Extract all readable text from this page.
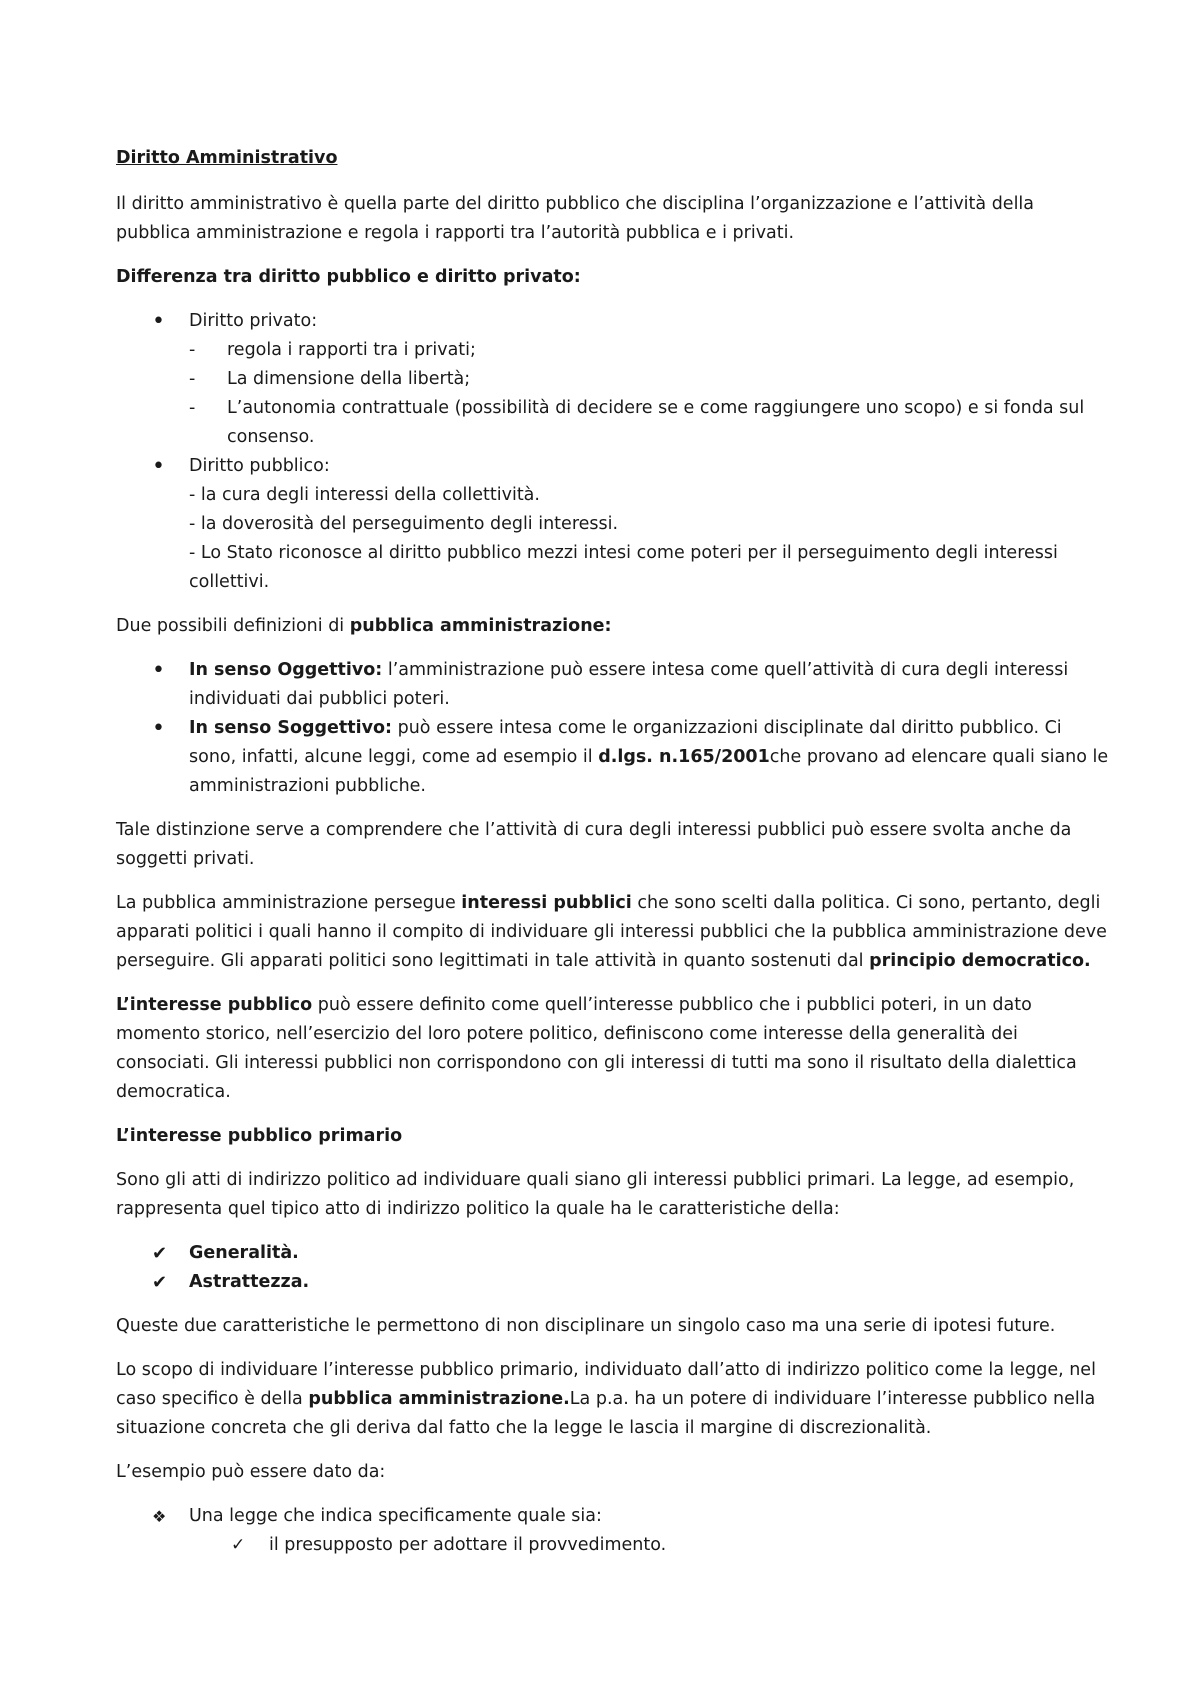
Diritto Amministrativo

Il diritto amministrativo è quella parte del diritto pubblico che disciplina l’organizzazione e l’attività della pubblica amministrazione e regola i rapporti tra l’autorità pubblica e i privati.

Differenza tra diritto pubblico e diritto privato:

•
Diritto privato:
- regola i rapporti tra i privati;
- La dimensione della libertà;
- L’autonomia contrattuale (possibilità di decidere se e come raggiungere uno scopo) e si fonda sul consenso.
•
Diritto pubblico:
- la cura degli interessi della collettività.
- la doverosità del perseguimento degli interessi.
- Lo Stato riconosce al diritto pubblico mezzi intesi come poteri per il perseguimento degli interessi collettivi.

Due possibili definizioni di pubblica amministrazione:

•
In senso Oggettivo: l’amministrazione può essere intesa come quell’attività di cura degli interessi individuati dai pubblici poteri.
•
In senso Soggettivo: può essere intesa come le organizzazioni disciplinate dal diritto pubblico. Ci sono, infatti, alcune leggi, come ad esempio il d.lgs. n.165/2001che provano ad elencare quali siano le amministrazioni pubbliche.

Tale distinzione serve a comprendere che l’attività di cura degli interessi pubblici può essere svolta anche da soggetti privati.

La pubblica amministrazione persegue interessi pubblici che sono scelti dalla politica. Ci sono, pertanto, degli apparati politici i quali hanno il compito di individuare gli interessi pubblici che la pubblica amministrazione deve perseguire. Gli apparati politici sono legittimati in tale attività in quanto sostenuti dal principio democratico.

L’interesse pubblico può essere definito come quell’interesse pubblico che i pubblici poteri, in un dato momento storico, nell’esercizio del loro potere politico, definiscono come interesse della generalità dei consociati. Gli interessi pubblici non corrispondono con gli interessi di tutti ma sono il risultato della dialettica democratica.

L’interesse pubblico primario

Sono gli atti di indirizzo politico ad individuare quali siano gli interessi pubblici primari. La legge, ad esempio, rappresenta quel tipico atto di indirizzo politico la quale ha le caratteristiche della:

✔
Generalità.
✔
Astrattezza.

Queste due caratteristiche le permettono di non disciplinare un singolo caso ma una serie di ipotesi future.

Lo scopo di individuare l’interesse pubblico primario, individuato dall’atto di indirizzo politico come la legge, nel caso specifico è della pubblica amministrazione.La p.a. ha un potere di individuare l’interesse pubblico nella situazione concreta che gli deriva dal fatto che la legge le lascia il margine di discrezionalità.

L’esempio può essere dato da:

❖
Una legge che indica specificamente quale sia:
✓
il presupposto per adottare il provvedimento.
